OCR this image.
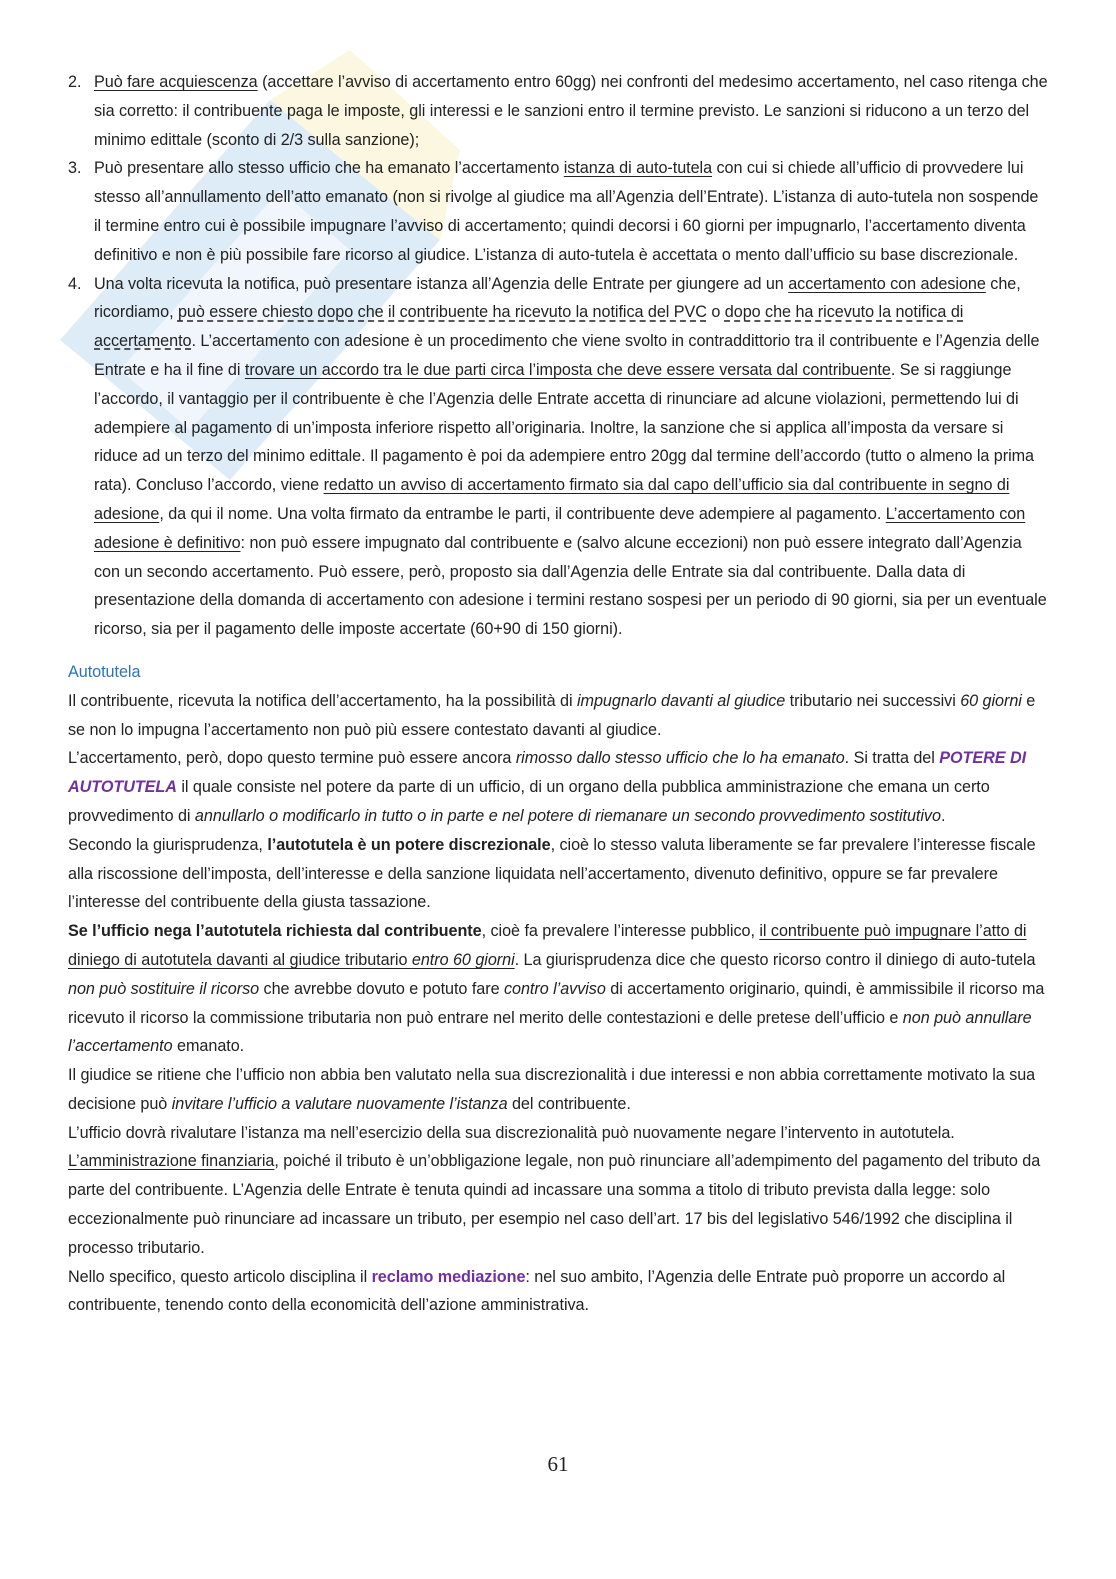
2. Può fare acquiescenza (accettare l’avviso di accertamento entro 60gg) nei confronti del medesimo accertamento, nel caso ritenga che sia corretto: il contribuente paga le imposte, gli interessi e le sanzioni entro il termine previsto. Le sanzioni si riducono a un terzo del minimo edittale (sconto di 2/3 sulla sanzione);
3. Può presentare allo stesso ufficio che ha emanato l’accertamento istanza di auto-tutela con cui si chiede all’ufficio di provvedere lui stesso all’annullamento dell’atto emanato (non si rivolge al giudice ma all’Agenzia dell’Entrate). L’istanza di auto-tutela non sospende il termine entro cui è possibile impugnare l’avviso di accertamento; quindi decorsi i 60 giorni per impugnarlo, l’accertamento diventa definitivo e non è più possibile fare ricorso al giudice. L’istanza di auto-tutela è accettata o mento dall’ufficio su base discrezionale.
4. Una volta ricevuta la notifica, può presentare istanza all’Agenzia delle Entrate per giungere ad un accertamento con adesione che, ricordiamo, può essere chiesto dopo che il contribuente ha ricevuto la notifica del PVC o dopo che ha ricevuto la notifica di accertamento. L’accertamento con adesione è un procedimento che viene svolto in contraddittorio tra il contribuente e l’Agenzia delle Entrate e ha il fine di trovare un accordo tra le due parti circa l’imposta che deve essere versata dal contribuente. Se si raggiunge l’accordo, il vantaggio per il contribuente è che l’Agenzia delle Entrate accetta di rinunciare ad alcune violazioni, permettendo lui di adempiere al pagamento di un’imposta inferiore rispetto all’originaria. Inoltre, la sanzione che si applica all’imposta da versare si riduce ad un terzo del minimo edittale. Il pagamento è poi da adempiere entro 20gg dal termine dell’accordo (tutto o almeno la prima rata). Concluso l’accordo, viene redatto un avviso di accertamento firmato sia dal capo dell’ufficio sia dal contribuente in segno di adesione, da qui il nome. Una volta firmato da entrambe le parti, il contribuente deve adempiere al pagamento. L’accertamento con adesione è definitivo: non può essere impugnato dal contribuente e (salvo alcune eccezioni) non può essere integrato dall’Agenzia con un secondo accertamento. Può essere, però, proposto sia dall’Agenzia delle Entrate sia dal contribuente. Dalla data di presentazione della domanda di accertamento con adesione i termini restano sospesi per un periodo di 90 giorni, sia per un eventuale ricorso, sia per il pagamento delle imposte accertate (60+90 di 150 giorni).
Autotutela

Il contribuente, ricevuta la notifica dell’accertamento, ha la possibilità di impugnarlo davanti al giudice tributario nei successivi 60 giorni e se non lo impugna l’accertamento non può più essere contestato davanti al giudice.

L’accertamento, però, dopo questo termine può essere ancora rimosso dallo stesso ufficio che lo ha emanato. Si tratta del POTERE DI AUTOTUTELA il quale consiste nel potere da parte di un ufficio, di un organo della pubblica amministrazione che emana un certo provvedimento di annullarlo o modificarlo in tutto o in parte e nel potere di riemanare un secondo provvedimento sostitutivo.

Secondo la giurisprudenza, l’autotutela è un potere discrezionale, cioè lo stesso valuta liberamente se far prevalere l’interesse fiscale alla riscossione dell’imposta, dell’interesse e della sanzione liquidata nell’accertamento, divenuto definitivo, oppure se far prevalere l’interesse del contribuente della giusta tassazione.

Se l’ufficio nega l’autotutela richiesta dal contribuente, cioè fa prevalere l’interesse pubblico, il contribuente può impugnare l’atto di diniego di autotutela davanti al giudice tributario entro 60 giorni. La giurisprudenza dice che questo ricorso contro il diniego di auto-tutela non può sostituire il ricorso che avrebbe dovuto e potuto fare contro l’avviso di accertamento originario, quindi, è ammissibile il ricorso ma ricevuto il ricorso la commissione tributaria non può entrare nel merito delle contestazioni e delle pretese dell’ufficio e non può annullare l’accertamento emanato.

Il giudice se ritiene che l’ufficio non abbia ben valutato nella sua discrezionalità i due interessi e non abbia correttamente motivato la sua decisione può invitare l’ufficio a valutare nuovamente l’istanza del contribuente.

L’ufficio dovrà rivalutare l’istanza ma nell’esercizio della sua discrezionalità può nuovamente negare l’intervento in autotutela. L’amministrazione finanziaria, poiché il tributo è un’obbligazione legale, non può rinunciare all’adempimento del pagamento del tributo da parte del contribuente. L’Agenzia delle Entrate è tenuta quindi ad incassare una somma a titolo di tributo prevista dalla legge: solo eccezionalmente può rinunciare ad incassare un tributo, per esempio nel caso dell’art. 17 bis del legislativo 546/1992 che disciplina il processo tributario.

Nello specifico, questo articolo disciplina il reclamo mediazione: nel suo ambito, l’Agenzia delle Entrate può proporre un accordo al contribuente, tenendo conto della economicità dell’azione amministrativa.

61
